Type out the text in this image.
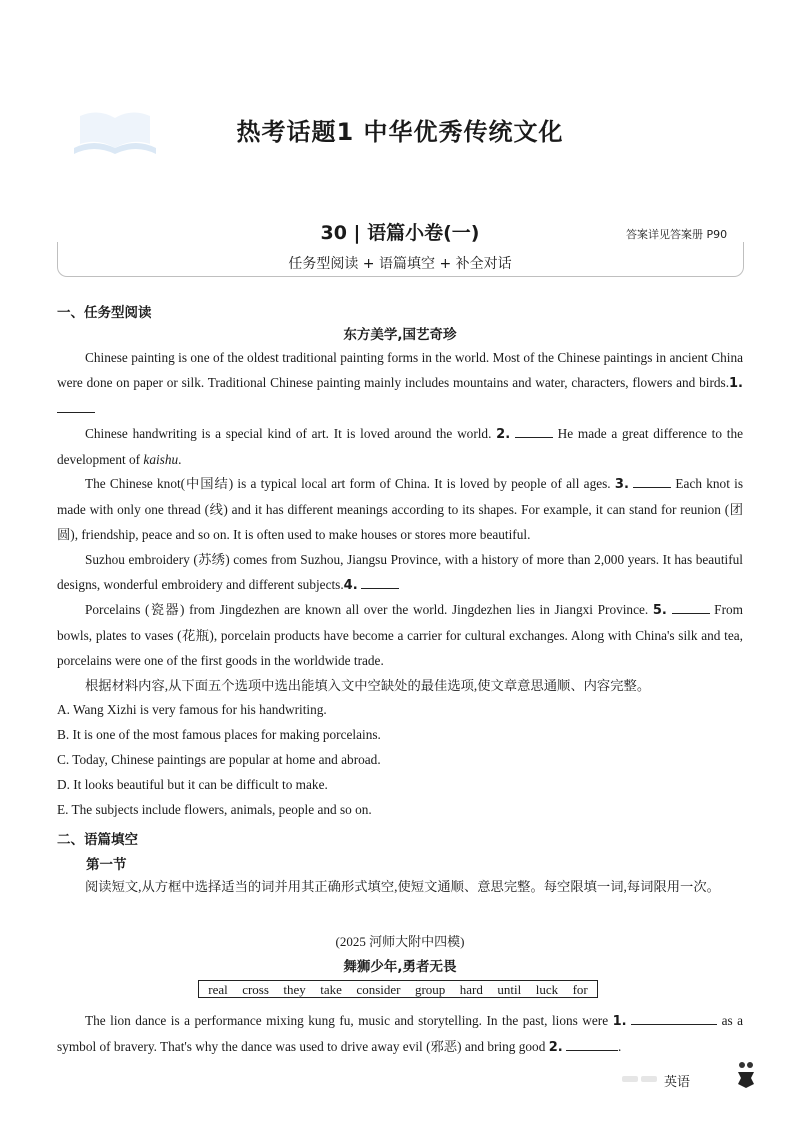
热考话题1 中华优秀传统文化
30 | 语篇小卷(一)	答案详见答案册 P90
任务型阅读 + 语篇填空 + 补全对话
一、任务型阅读
东方美学,国艺奇珍
Chinese painting is one of the oldest traditional painting forms in the world. Most of the Chinese paintings in ancient China were done on paper or silk. Traditional Chinese painting mainly includes mountains and water, characters, flowers and birds.1.
Chinese handwriting is a special kind of art. It is loved around the world. 2.	He made a great difference to the development of kaishu.
The Chinese knot(中国结) is a typical local art form of China. It is loved by people of all ages. 3.	Each knot is made with only one thread (线) and it has different meanings according to its shapes. For example, it can stand for reunion (团圆), friendship, peace and so on. It is often used to make houses or stores more beautiful.
Suzhou embroidery (苏绣) comes from Suzhou, Jiangsu Province, with a history of more than 2,000 years. It has beautiful designs, wonderful embroidery and different subjects.4.
Porcelains (瓷器) from Jingdezhen are known all over the world. Jingdezhen lies in Jiangxi Province. 5.	From bowls, plates to vases (花瓶), porcelain products have become a carrier for cultural exchanges. Along with China's silk and tea, porcelains were one of the first goods in the worldwide trade.
根据材料内容,从下面五个选项中选出能填入文中空缺处的最佳选项,使文章意思通顺、内容完整。
A. Wang Xizhi is very famous for his handwriting.
B. It is one of the most famous places for making porcelains.
C. Today, Chinese paintings are popular at home and abroad.
D. It looks beautiful but it can be difficult to make.
E. The subjects include flowers, animals, people and so on.
二、语篇填空
第一节
阅读短文,从方框中选择适当的词并用其正确形式填空,使短文通顺、意思完整。每空限填一词,每词限用一次。
(2025 河师大附中四模)
舞狮少年,勇者无畏
real cross they take consider group hard until luck for
The lion dance is a performance mixing kung fu, music and storytelling. In the past, lions were 1.	as a symbol of bravery. That's why the dance was used to drive away evil (邪恶) and bring good 2.	.
英语
